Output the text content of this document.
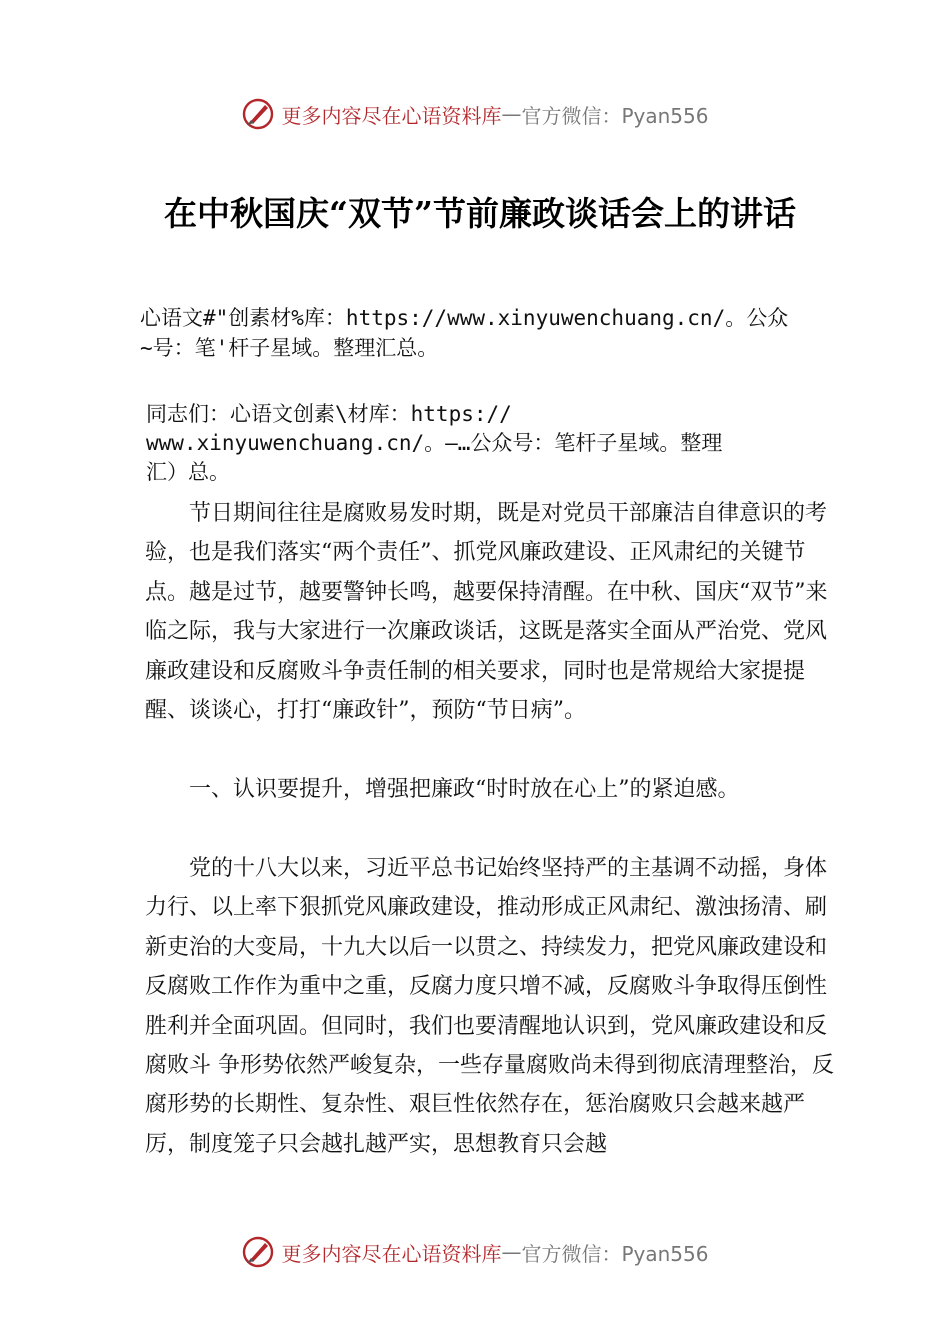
更多内容尽在心语资料库 — 官方微信：Pyan556
在中秋国庆“双节”节前廉政谈话会上的讲话
心语文#"创素材%库：https://www.xinyuwenchuang.cn/。公众
~号：笔'杆子星域。整理汇总。
同志们：心语文创素\材库：https://
www.xinyuwenchuang.cn/。—…公众号：笔杆子星域。整理
汇）总。

节日期间往往是腐败易发时期，既是对党员干部廉洁自律意识的考验，也是我们落实“两个责任”、抓党风廉政建设、正风肃纪的关键节点。越是过节，越要警钟长鸣，越要保持清醒。在中秋、国庆“双节”来临之际，我与大家进行一次廉政谈话，这既是落实全面从严治党、党风廉政建设和反腐败斗争责任制的相关要求，同时也是常规给大家提提醒、谈谈心，打打“廉政针”，预防“节日病”。

一、认识要提升，增强把廉政“时时放在心上”的紧迫感。

党的十八大以来，习近平总书记始终坚持严的主基调不动摇，身体力行、以上率下狠抓党风廉政建设，推动形成正风肃纪、激浊扬清、刷新吏治的大变局，十九大以后一以贯之、持续发力，把党风廉政建设和反腐败工作作为重中之重，反腐力度只增不减，反腐败斗争取得压倒性胜利并全面巩固。但同时，我们也要清醒地认识到，党风廉政建设和反腐败斗 争形势依然严峻复杂，一些存量腐败尚未得到彻底清理整治，反腐形势的长期性、复杂性、艰巨性依然存在，惩治腐败只会越来越严厉，制度笼子只会越扎越严实，思想教育只会越

更多内容尽在心语资料库 — 官方微信：Pyan556
